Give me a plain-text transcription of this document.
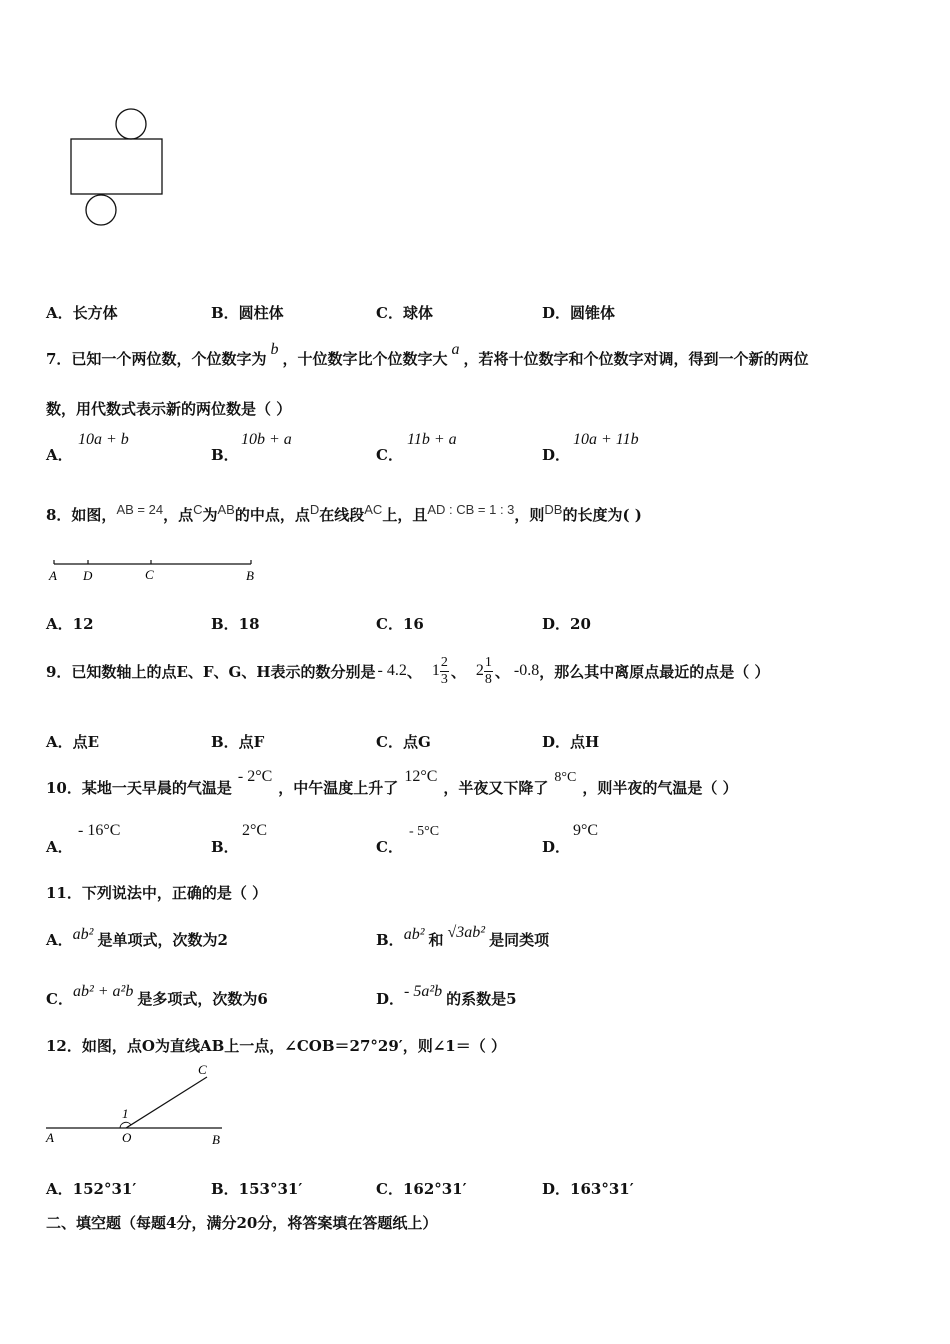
A．长方体	B．圆柱体	C．球体	D．圆锥体
7．已知一个两位数，个位数字为b，十位数字比个位数字大a，若将十位数字和个位数字对调，得到一个新的两位
数，用代数式表示新的两位数是（ ）
A．
10a + b
B．
10b + a
C．
11b + a
D．
10a + 11b
8．如图，AB = 24，点C为AB的中点，点D在线段AC上，且AD : CB = 1 : 3，则DB的长度为( )
A D	C	B
A．12	B．18	C．16	D．20
9．已知数轴上的点E、F、G、H表示的数分别是 - 4.2 、 $1 \frac{2}{3}$ 、 $2 \frac{1}{8}$ 、 -0.8 ，那么其中离原点最近的点是（ ）
A．点E	B．点F	C．点G	D．点H
10．某地一天早晨的气温是- 2°C，中午温度上升了12°C，半夜又下降了8°C，则半夜的气温是（ ）
A．
- 16°C
B．
2°C
C．
- 5°C
D．
9°C
11．下列说法中，正确的是（ ）
A．ab² 是单项式，次数为2	B．ab² 和 √3ab² 是同类项
C．ab² + a²b 是多项式，次数为6	D．- 5a²b 的系数是5
12．如图，点O为直线AB上一点，∠COB＝27°29′，则∠1＝（ ）
C
1
A	O	B
A．152°31′	B．153°31′	C．162°31′	D．163°31′
二、填空题（每题4分，满分20分，将答案填在答题纸上）
